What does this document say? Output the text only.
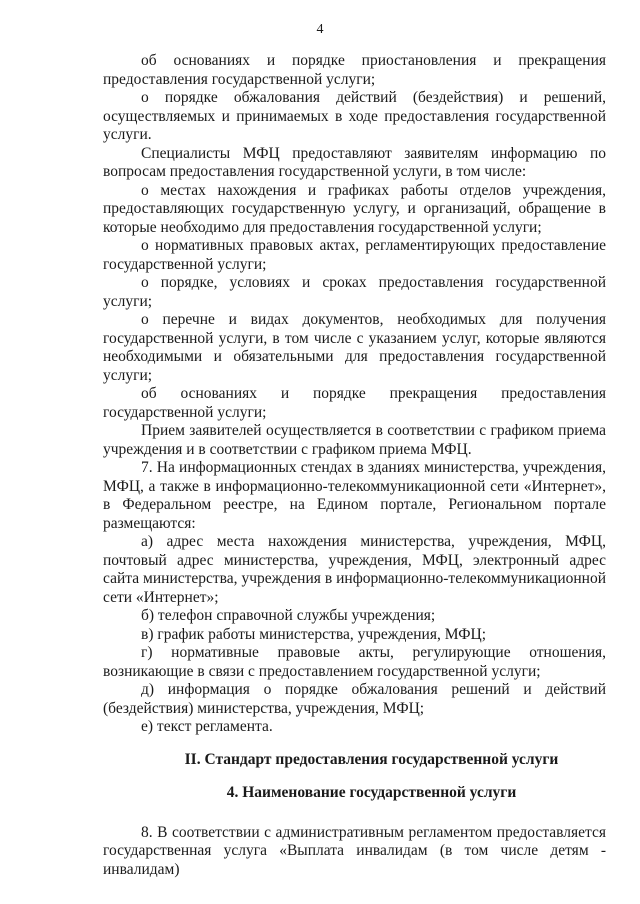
4

об основаниях и порядке приостановления и прекращения предоставления государственной услуги;

о порядке обжалования действий (бездействия) и решений, осуществляемых и принимаемых в ходе предоставления государственной услуги.

Специалисты МФЦ предоставляют заявителям информацию по вопросам предоставления государственной услуги, в том числе:

о местах нахождения и графиках работы отделов учреждения, предоставляющих государственную услугу, и организаций, обращение в которые необходимо для предоставления государственной услуги;

о нормативных правовых актах, регламентирующих предоставление государственной услуги;

о порядке, условиях и сроках предоставления государственной услуги;

о перечне и видах документов, необходимых для получения государственной услуги, в том числе с указанием услуг, которые являются необходимыми и обязательными для предоставления государственной услуги;

об основаниях и порядке прекращения предоставления государственной услуги;

Прием заявителей осуществляется в соответствии с графиком приема учреждения и в соответствии с графиком приема МФЦ.

7. На информационных стендах в зданиях министерства, учреждения, МФЦ, а также в информационно-телекоммуникационной сети «Интернет», в Федеральном реестре, на Едином портале, Региональном портале размещаются:

а) адрес места нахождения министерства, учреждения, МФЦ, почтовый адрес министерства, учреждения, МФЦ, электронный адрес сайта министерства, учреждения в информационно-телекоммуникационной сети «Интернет»;

б) телефон справочной службы учреждения;

в) график работы министерства, учреждения, МФЦ;

г) нормативные правовые акты, регулирующие отношения, возникающие в связи с предоставлением государственной услуги;

д) информация о порядке обжалования решений и действий (бездействия) министерства, учреждения, МФЦ;

е) текст регламента.

II. Стандарт предоставления государственной услуги

4. Наименование государственной услуги

8. В соответствии с административным регламентом предоставляется государственная услуга «Выплата инвалидам (в том числе детям - инвалидам)
